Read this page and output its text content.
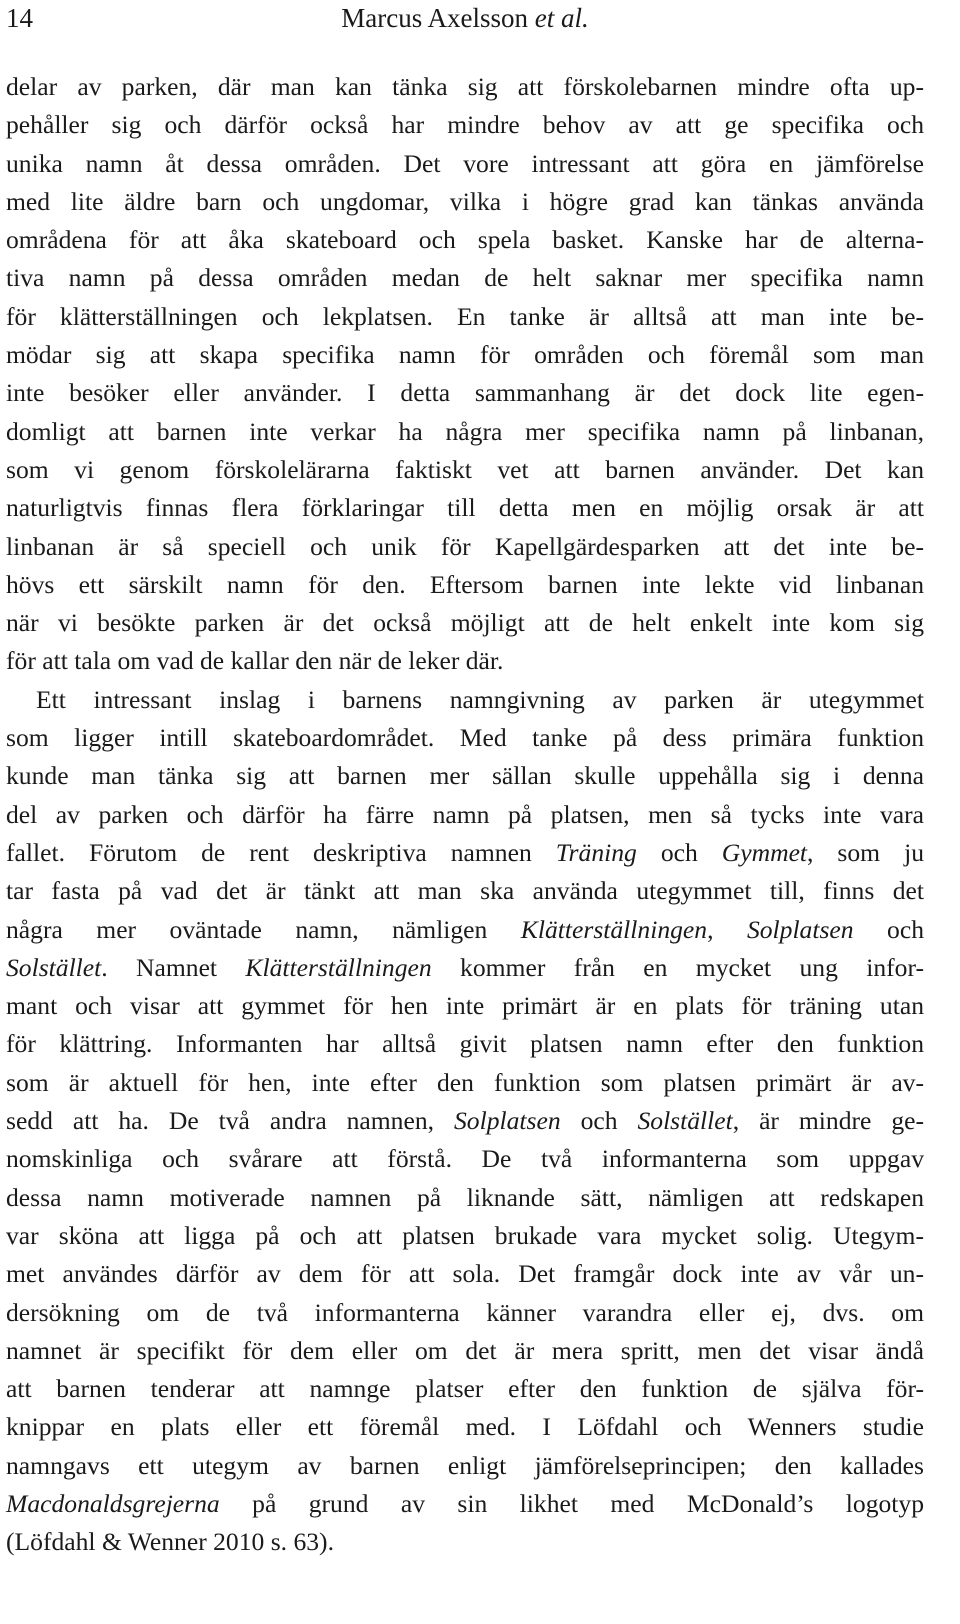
14	Marcus Axelsson et al.
delar av parken, där man kan tänka sig att förskolebarnen mindre ofta up-
pehåller sig och därför också har mindre behov av att ge specifika och
unika namn åt dessa områden. Det vore intressant att göra en jämförelse
med lite äldre barn och ungdomar, vilka i högre grad kan tänkas använda
områdena för att åka skateboard och spela basket. Kanske har de alterna-
tiva namn på dessa områden medan de helt saknar mer specifika namn
för klätterställningen och lekplatsen. En tanke är alltså att man inte be-
mödar sig att skapa specifika namn för områden och föremål som man
inte besöker eller använder. I detta sammanhang är det dock lite egen-
domligt att barnen inte verkar ha några mer specifika namn på linbanan,
som vi genom förskolelärarna faktiskt vet att barnen använder. Det kan
naturligtvis finnas flera förklaringar till detta men en möjlig orsak är att
linbanan är så speciell och unik för Kapellgärdesparken att det inte be-
hövs ett särskilt namn för den. Eftersom barnen inte lekte vid linbanan
när vi besökte parken är det också möjligt att de helt enkelt inte kom sig
för att tala om vad de kallar den när de leker där.
Ett intressant inslag i barnens namngivning av parken är utegymmet
som ligger intill skateboardområdet. Med tanke på dess primära funktion
kunde man tänka sig att barnen mer sällan skulle uppehålla sig i denna
del av parken och därför ha färre namn på platsen, men så tycks inte vara
fallet. Förutom de rent deskriptiva namnen Träning och Gymmet, som ju
tar fasta på vad det är tänkt att man ska använda utegymmet till, finns det
några mer oväntade namn, nämligen Klätterställningen, Solplatsen och
Solstället. Namnet Klätterställningen kommer från en mycket ung infor-
mant och visar att gymmet för hen inte primärt är en plats för träning utan
för klättring. Informanten har alltså givit platsen namn efter den funktion
som är aktuell för hen, inte efter den funktion som platsen primärt är av-
sedd att ha. De två andra namnen, Solplatsen och Solstället, är mindre ge-
nomskinliga och svårare att förstå. De två informanterna som uppgav
dessa namn motiverade namnen på liknande sätt, nämligen att redskapen
var sköna att ligga på och att platsen brukade vara mycket solig. Utegym-
met användes därför av dem för att sola. Det framgår dock inte av vår un-
dersökning om de två informanterna känner varandra eller ej, dvs. om
namnet är specifikt för dem eller om det är mera spritt, men det visar ändå
att barnen tenderar att namnge platser efter den funktion de själva för-
knippar en plats eller ett föremål med. I Löfdahl och Wenners studie
namngavs ett utegym av barnen enligt jämförelseprincipen; den kallades
Macdonaldsgrejerna på grund av sin likhet med McDonald’s logotyp
(Löfdahl & Wenner 2010 s. 63).
